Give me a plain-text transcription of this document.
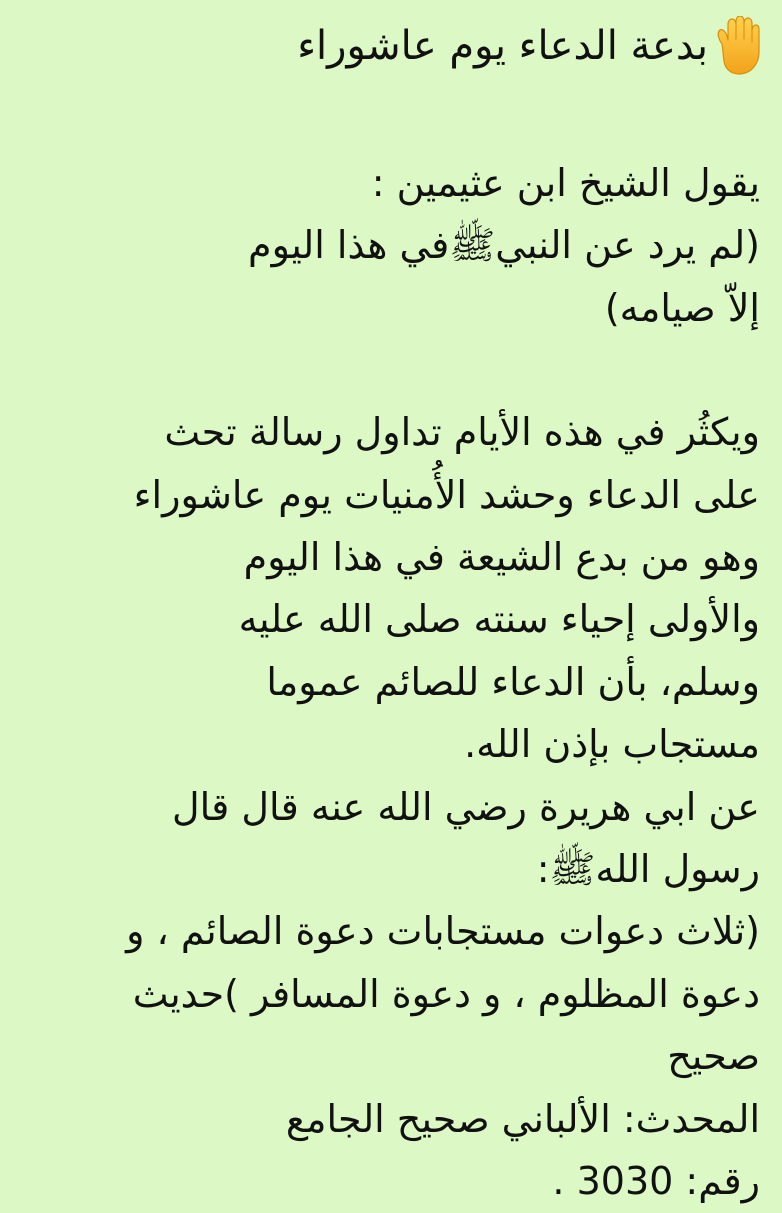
بدعة الدعاء يوم عاشوراء

يقول الشيخ ابن عثيمين :
(لم يرد عن النبيﷺفي هذا اليوم
إلاّ صيامه)

ويكثُر في هذه الأيام تداول رسالة تحث
على الدعاء وحشد الأُمنيات يوم عاشوراء
وهو من بدع الشيعة في هذا اليوم
والأولى إحياء سنته صلى الله عليه
وسلم، بأن الدعاء للصائم عموما
مستجاب بإذن الله.
عن ابي هريرة رضي الله عنه قال قال
رسول اللهﷺ:
(ثلاث دعوات مستجابات دعوة الصائم ، و
دعوة المظلوم ، و دعوة المسافر )حديث
صحيح
المحدث: الألباني صحيح الجامع
رقم: 3030 .
